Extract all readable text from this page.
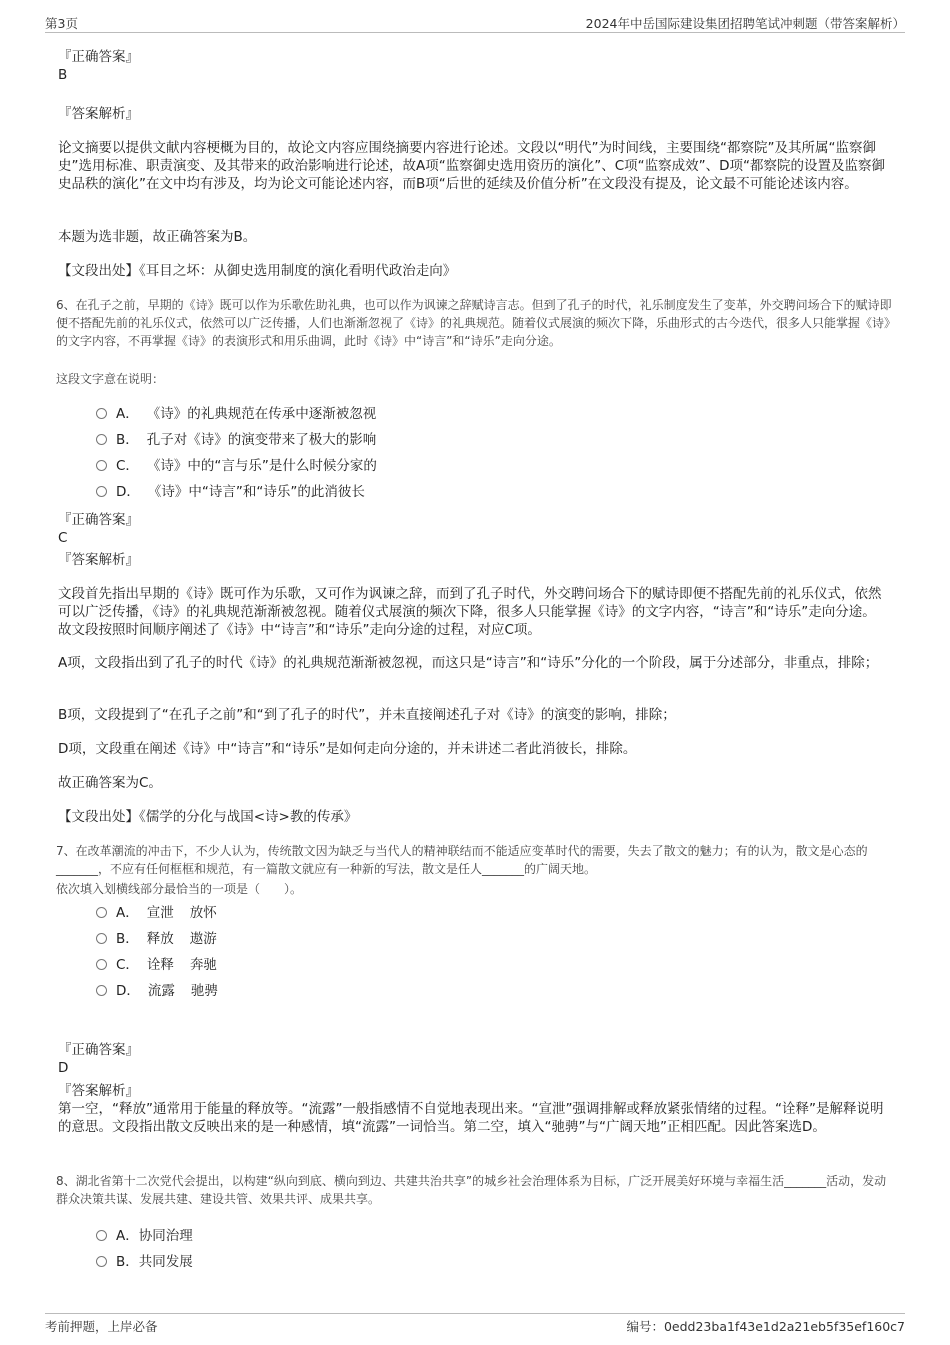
第3页	2024年中岳国际建设集团招聘笔试冲刺题（带答案解析）
『正确答案』
B
『答案解析』
论文摘要以提供文献内容梗概为目的，故论文内容应围绕摘要内容进行论述。文段以“明代”为时间线，主要围绕“都察院”及其所属“监察御史”选用标准、职责演变、及其带来的政治影响进行论述，故A项“监察御史选用资历的演化”、C项“监察成效”、D项“都察院的设置及监察御史品秩的演化”在文中均有涉及，均为论文可能论述内容，而B项“后世的延续及价值分析”在文段没有提及，论文最不可能论述该内容。
本题为选非题，故正确答案为B。
【文段出处】《耳目之坏：从御史选用制度的演化看明代政治走向》
6、在孔子之前，早期的《诗》既可以作为乐歌佐助礼典，也可以作为讽谏之辞赋诗言志。但到了孔子的时代，礼乐制度发生了变革，外交聘问场合下的赋诗即便不搭配先前的礼乐仪式，依然可以广泛传播，人们也渐渐忽视了《诗》的礼典规范。随着仪式展演的频次下降，乐曲形式的古今迭代，很多人只能掌握《诗》的文字内容，不再掌握《诗》的表演形式和用乐曲调，此时《诗》中“诗言”和“诗乐”走向分途。
这段文字意在说明：
A． 《诗》的礼典规范在传承中逐渐被忽视
B． 孔子对《诗》的演变带来了极大的影响
C． 《诗》中的“言与乐”是什么时候分家的
D． 《诗》中“诗言”和“诗乐”的此消彼长
『正确答案』
C
『答案解析』
文段首先指出早期的《诗》既可作为乐歌，又可作为讽谏之辞，而到了孔子时代，外交聘问场合下的赋诗即便不搭配先前的礼乐仪式，依然可以广泛传播，《诗》的礼典规范渐渐被忽视。随着仪式展演的频次下降，很多人只能掌握《诗》的文字内容，“诗言”和“诗乐”走向分途。故文段按照时间顺序阐述了《诗》中“诗言”和“诗乐”走向分途的过程，对应C项。
A项，文段指出到了孔子的时代《诗》的礼典规范渐渐被忽视，而这只是“诗言”和“诗乐”分化的一个阶段，属于分述部分，非重点，排除；
B项，文段提到了“在孔子之前”和“到了孔子的时代”，并未直接阐述孔子对《诗》的演变的影响，排除；
D项，文段重在阐述《诗》中“诗言”和“诗乐”是如何走向分途的，并未讲述二者此消彼长，排除。
故正确答案为C。
【文段出处】《儒学的分化与战国<诗>教的传承》
7、在改革潮流的冲击下，不少人认为，传统散文因为缺乏与当代人的精神联结而不能适应变革时代的需要，失去了散文的魅力；有的认为，散文是心态的_______，不应有任何框框和规范，有一篇散文就应有一种新的写法，散文是任人_______的广阔天地。
依次填入划横线部分最恰当的一项是（　　）。
A． 宣泄 放怀
B． 释放 遨游
C． 诠释 奔驰
D． 流露 驰骋
『正确答案』
D
『答案解析』
第一空，“释放”通常用于能量的释放等。“流露”一般指感情不自觉地表现出来。“宣泄”强调排解或释放紧张情绪的过程。“诠释”是解释说明的意思。文段指出散文反映出来的是一种感情，填“流露”一词恰当。第二空，填入“驰骋”与“广阔天地”正相匹配。因此答案选D。
8、湖北省第十二次党代会提出，以构建“纵向到底、横向到边、共建共治共享”的城乡社会治理体系为目标，广泛开展美好环境与幸福生活_______活动，发动群众决策共谋、发展共建、建设共管、效果共评、成果共享。
A．协同治理
B．共同发展
考前押题，上岸必备	编号：0edd23ba1f43e1d2a21eb5f35ef160c7
